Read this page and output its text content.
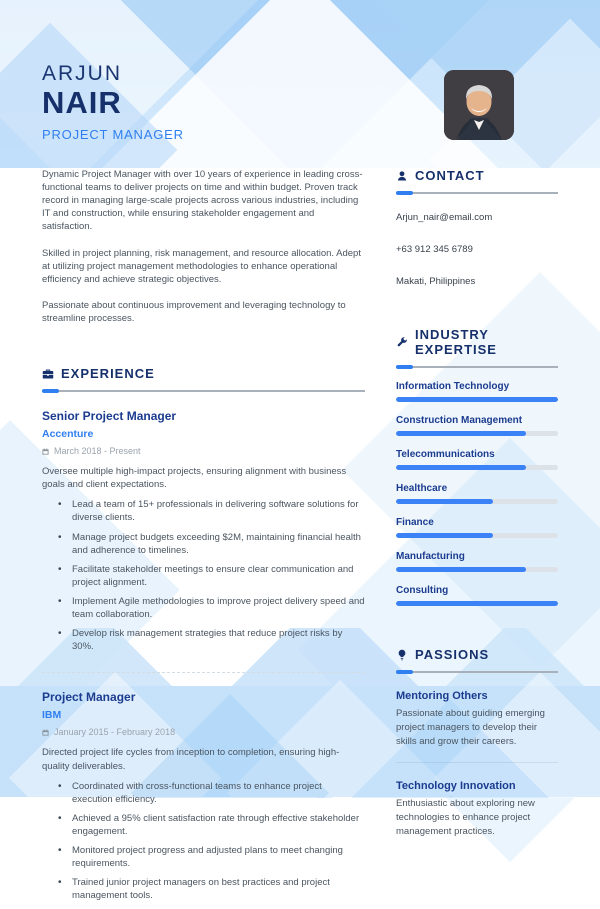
ARJUN
NAIR
PROJECT MANAGER

Dynamic Project Manager with over 10 years of experience in leading cross-functional teams to deliver projects on time and within budget. Proven track record in managing large-scale projects across various industries, including IT and construction, while ensuring stakeholder engagement and satisfaction.

Skilled in project planning, risk management, and resource allocation. Adept at utilizing project management methodologies to enhance operational efficiency and achieve strategic objectives.

Passionate about continuous improvement and leveraging technology to streamline processes.

EXPERIENCE
Senior Project Manager
Accenture
March 2018 - Present
Oversee multiple high-impact projects, ensuring alignment with business goals and client expectations.
• Lead a team of 15+ professionals in delivering software solutions for diverse clients.
• Manage project budgets exceeding $2M, maintaining financial health and adherence to timelines.
• Facilitate stakeholder meetings to ensure clear communication and project alignment.
• Implement Agile methodologies to improve project delivery speed and team collaboration.
• Develop risk management strategies that reduce project risks by 30%.
Project Manager
IBM
January 2015 - February 2018
Directed project life cycles from inception to completion, ensuring high-quality deliverables.
• Coordinated with cross-functional teams to enhance project execution efficiency.
• Achieved a 95% client satisfaction rate through effective stakeholder engagement.
• Monitored project progress and adjusted plans to meet changing requirements.
• Trained junior project managers on best practices and project management tools.
CONTACT
Arjun_nair@email.com
+63 912 345 6789
Makati, Philippines
INDUSTRY EXPERTISE
Information Technology
Construction Management
Telecommunications
Healthcare
Finance
Manufacturing
Consulting
PASSIONS
Mentoring Others
Passionate about guiding emerging project managers to develop their skills and grow their careers.
Technology Innovation
Enthusiastic about exploring new technologies to enhance project management practices.
